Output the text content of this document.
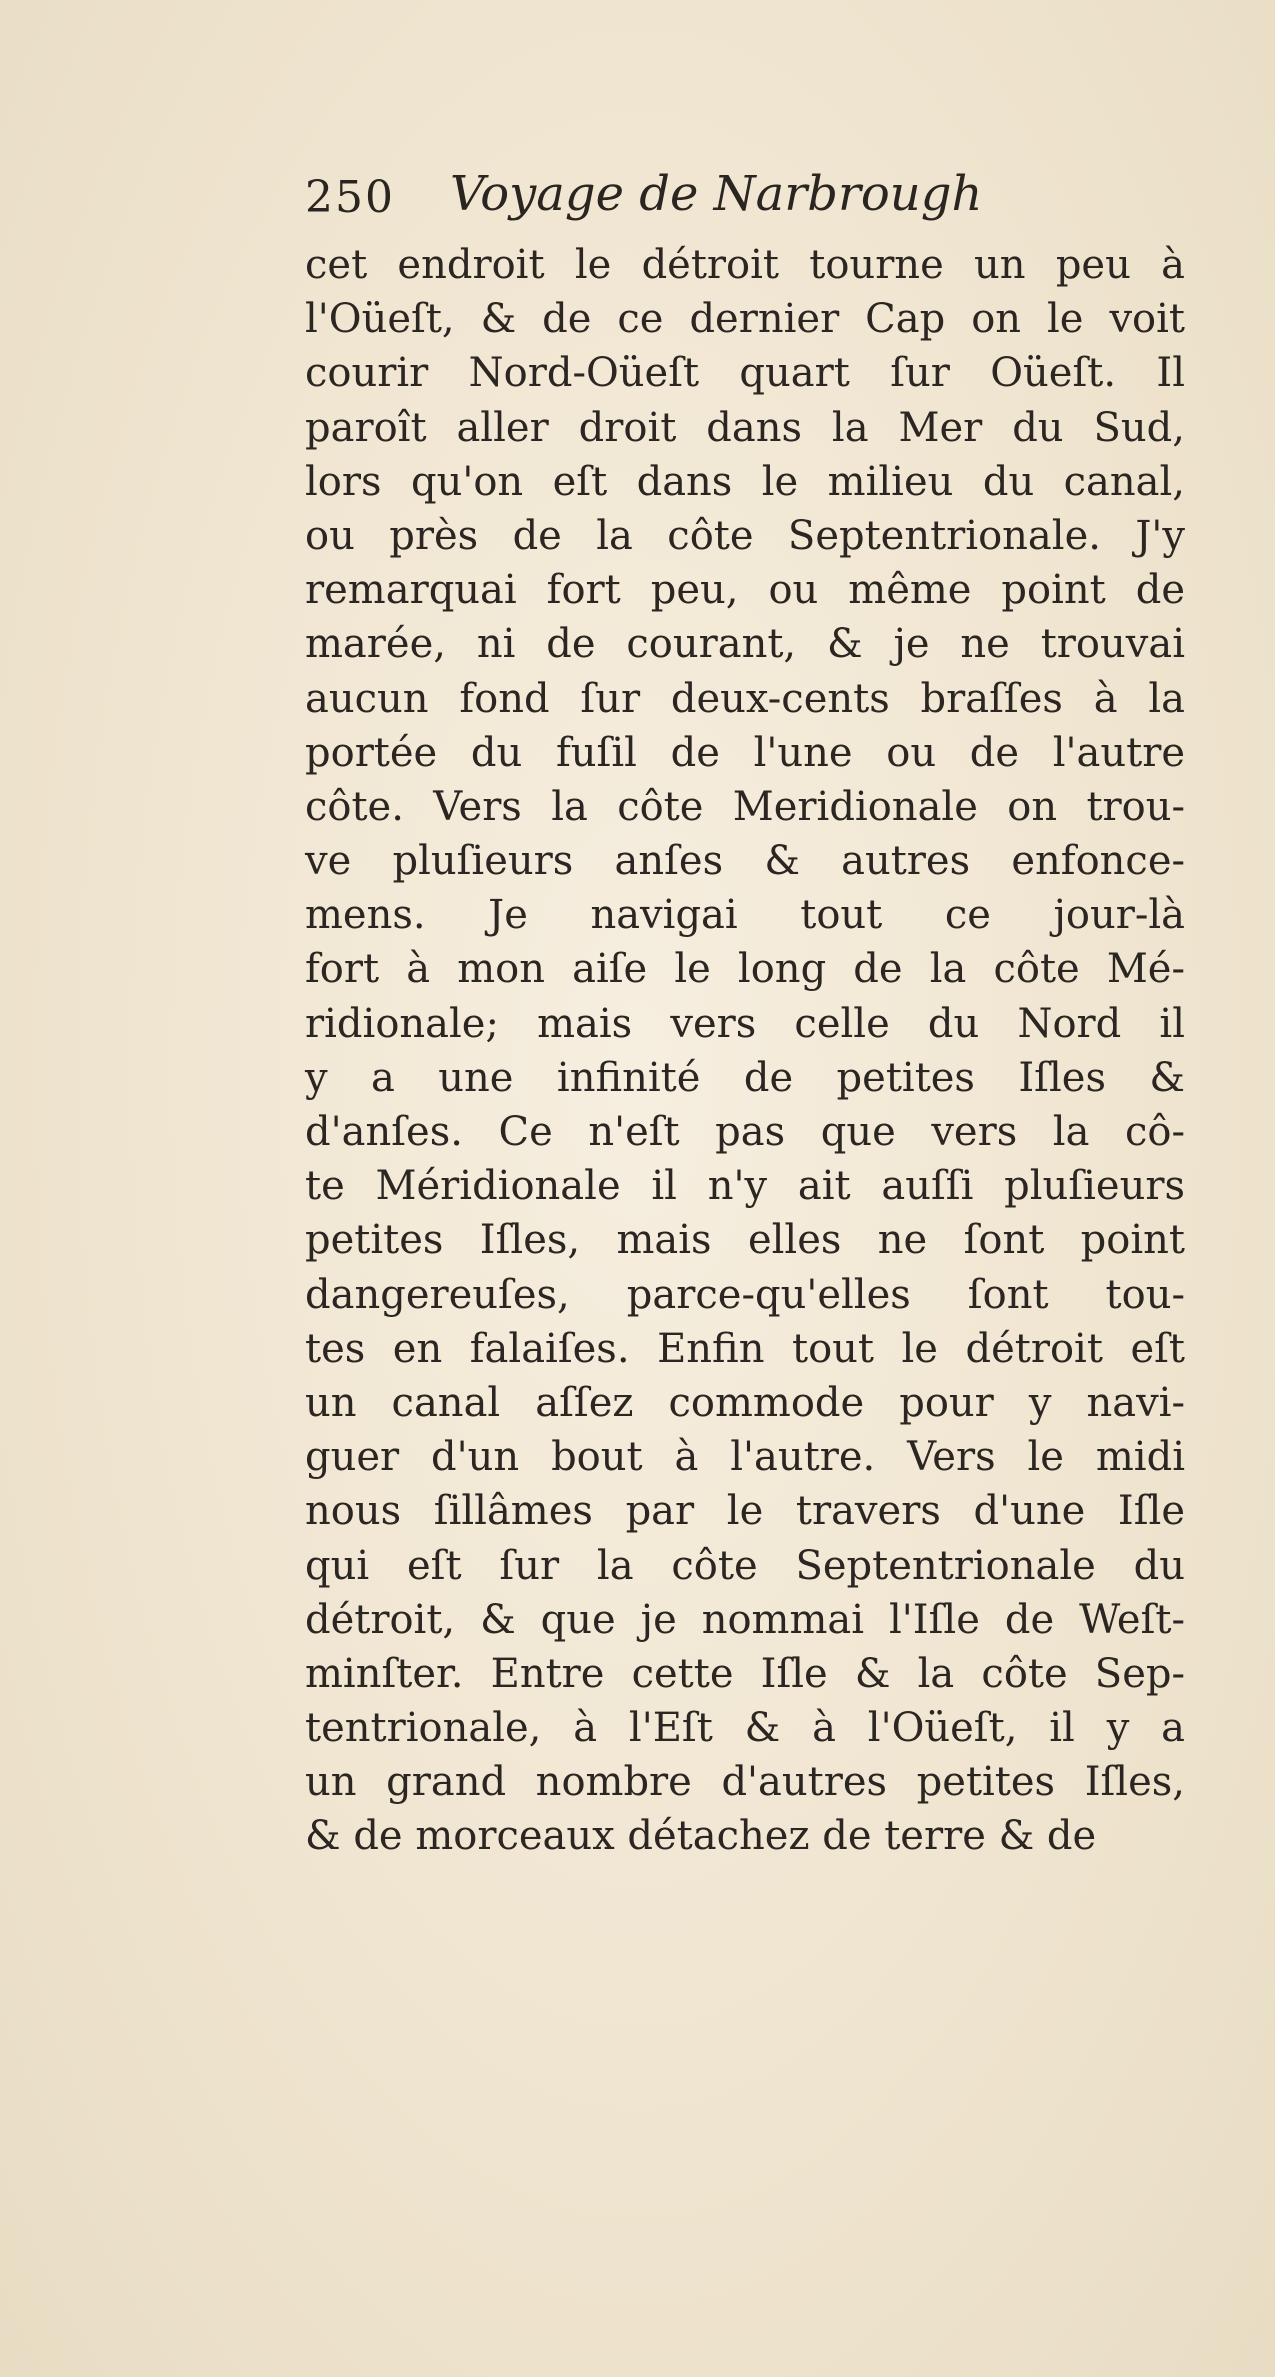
250 Voyage de Narbrough
cet endroit le détroit tourne un peu à
l'Oüeſt, & de ce dernier Cap on le voit
courir Nord-Oüeſt quart ſur Oüeſt. Il
paroît aller droit dans la Mer du Sud,
lors qu'on eſt dans le milieu du canal,
ou près de la côte Septentrionale. J'y
remarquai fort peu, ou même point de
marée, ni de courant, & je ne trouvai
aucun fond ſur deux-cents braſſes à la
portée du fuſil de l'une ou de l'autre
côte. Vers la côte Meridionale on trou-
ve pluſieurs anſes & autres enfonce-
mens. Je navigai tout ce jour-là
fort à mon aiſe le long de la côte Mé-
ridionale; mais vers celle du Nord il
y a une infinité de petites Iſles &
d'anſes. Ce n'eſt pas que vers la cô-
te Méridionale il n'y ait auſſi pluſieurs
petites Iſles, mais elles ne ſont point
dangereuſes, parce-qu'elles ſont tou-
tes en falaiſes. Enfin tout le détroit eſt
un canal aſſez commode pour y navi-
guer d'un bout à l'autre. Vers le midi
nous ſillâmes par le travers d'une Iſle
qui eſt ſur la côte Septentrionale du
détroit, & que je nommai l'Iſle de Weſt-
minſter. Entre cette Iſle & la côte Sep-
tentrionale, à l'Eſt & à l'Oüeſt, il y a
un grand nombre d'autres petites Iſles,
& de morceaux détachez de terre & de
